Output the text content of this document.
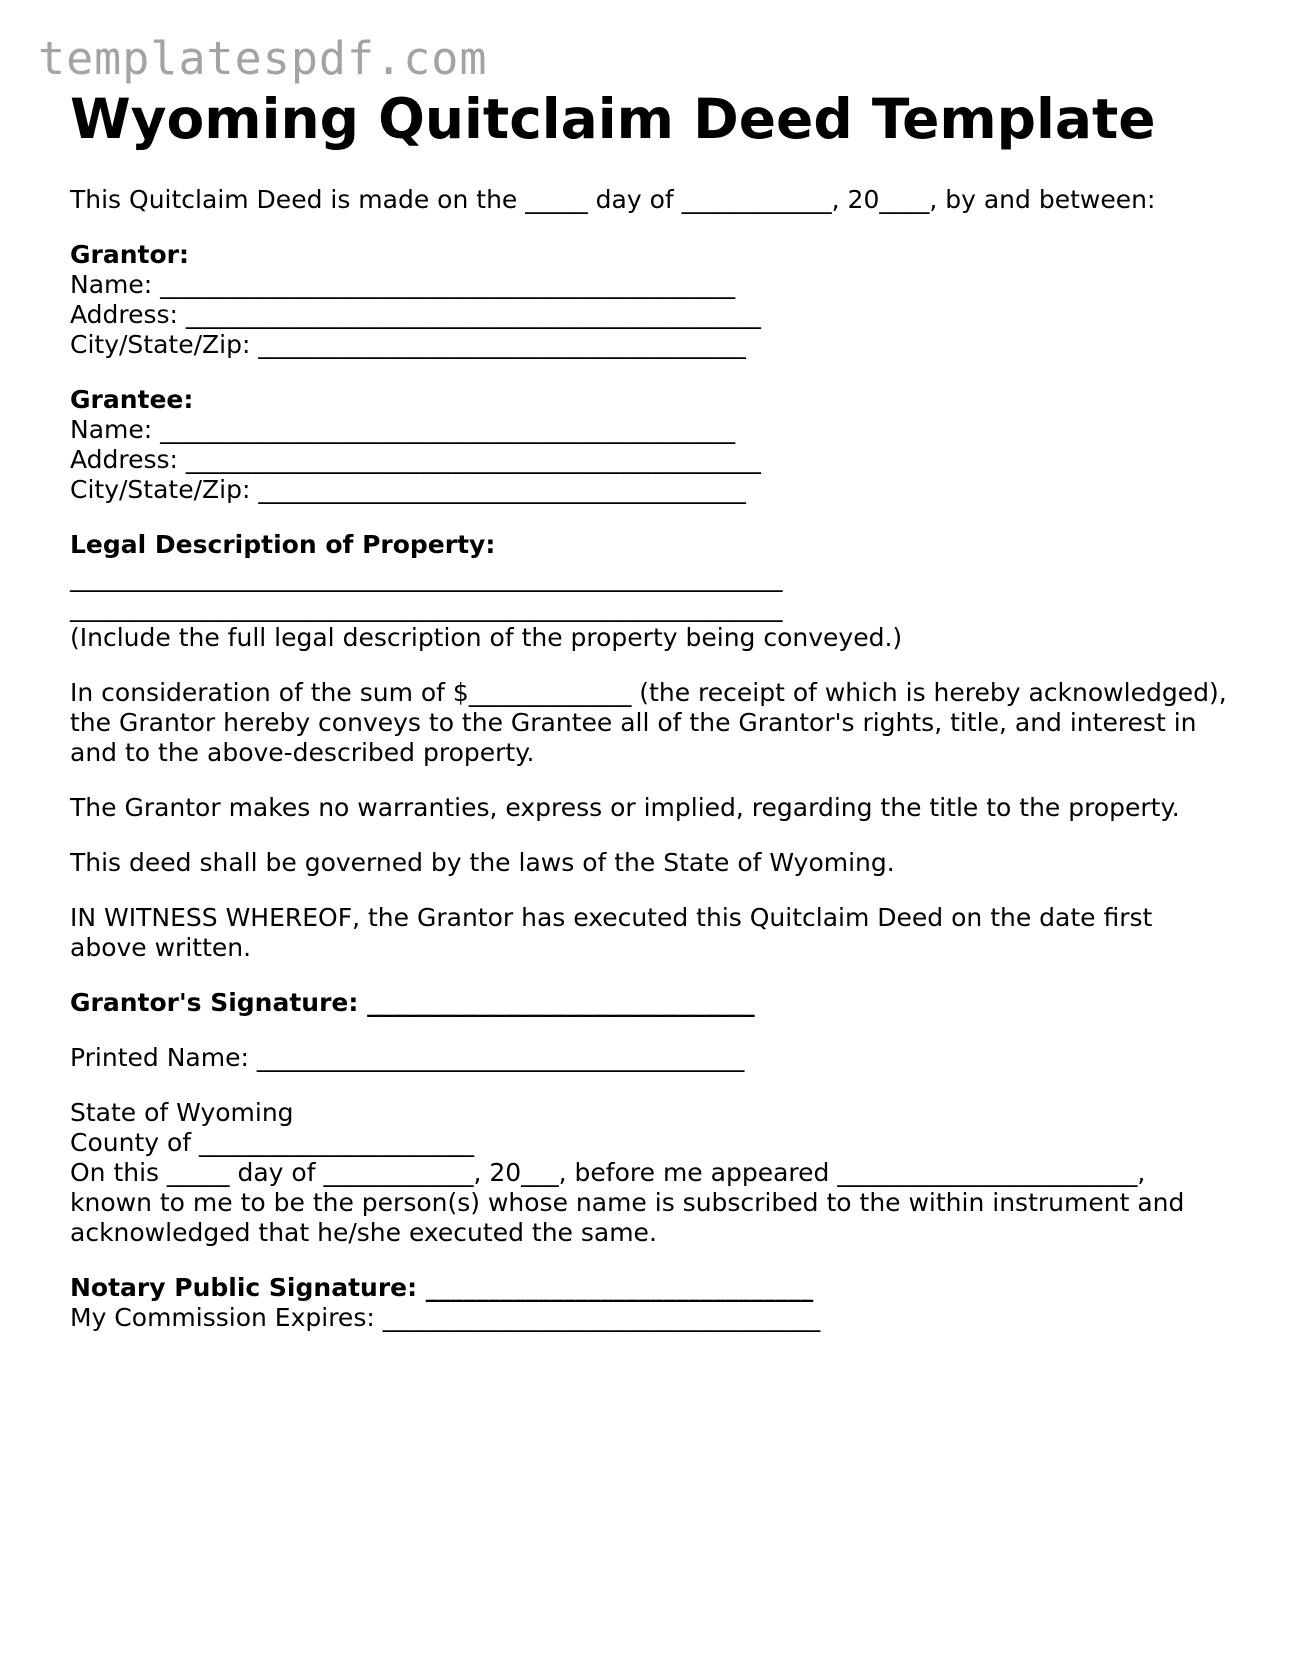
templatespdf.com
Wyoming Quitclaim Deed Template

This Quitclaim Deed is made on the _____ day of ____________, 20____, by and between:

Grantor:
Name: ______________________________________________
Address: ______________________________________________
City/State/Zip: _______________________________________
Grantee:
Name: ______________________________________________
Address: ______________________________________________
City/State/Zip: _______________________________________
Legal Description of Property:
_________________________________________________________
_________________________________________________________
(Include the full legal description of the property being conveyed.)

In consideration of the sum of $_____________ (the receipt of which is hereby acknowledged), the Grantor hereby conveys to the Grantee all of the Grantor's rights, title, and interest in and to the above-described property.

The Grantor makes no warranties, express or implied, regarding the title to the property.

This deed shall be governed by the laws of the State of Wyoming.

IN WITNESS WHEREOF, the Grantor has executed this Quitclaim Deed on the date first above written.

Grantor's Signature: _______________________________

Printed Name: _______________________________________

State of Wyoming
County of ______________________
On this _____ day of ____________, 20___, before me appeared ________________________, known to me to be the person(s) whose name is subscribed to the within instrument and acknowledged that he/she executed the same.
Notary Public Signature: _______________________________
My Commission Expires: ___________________________________
